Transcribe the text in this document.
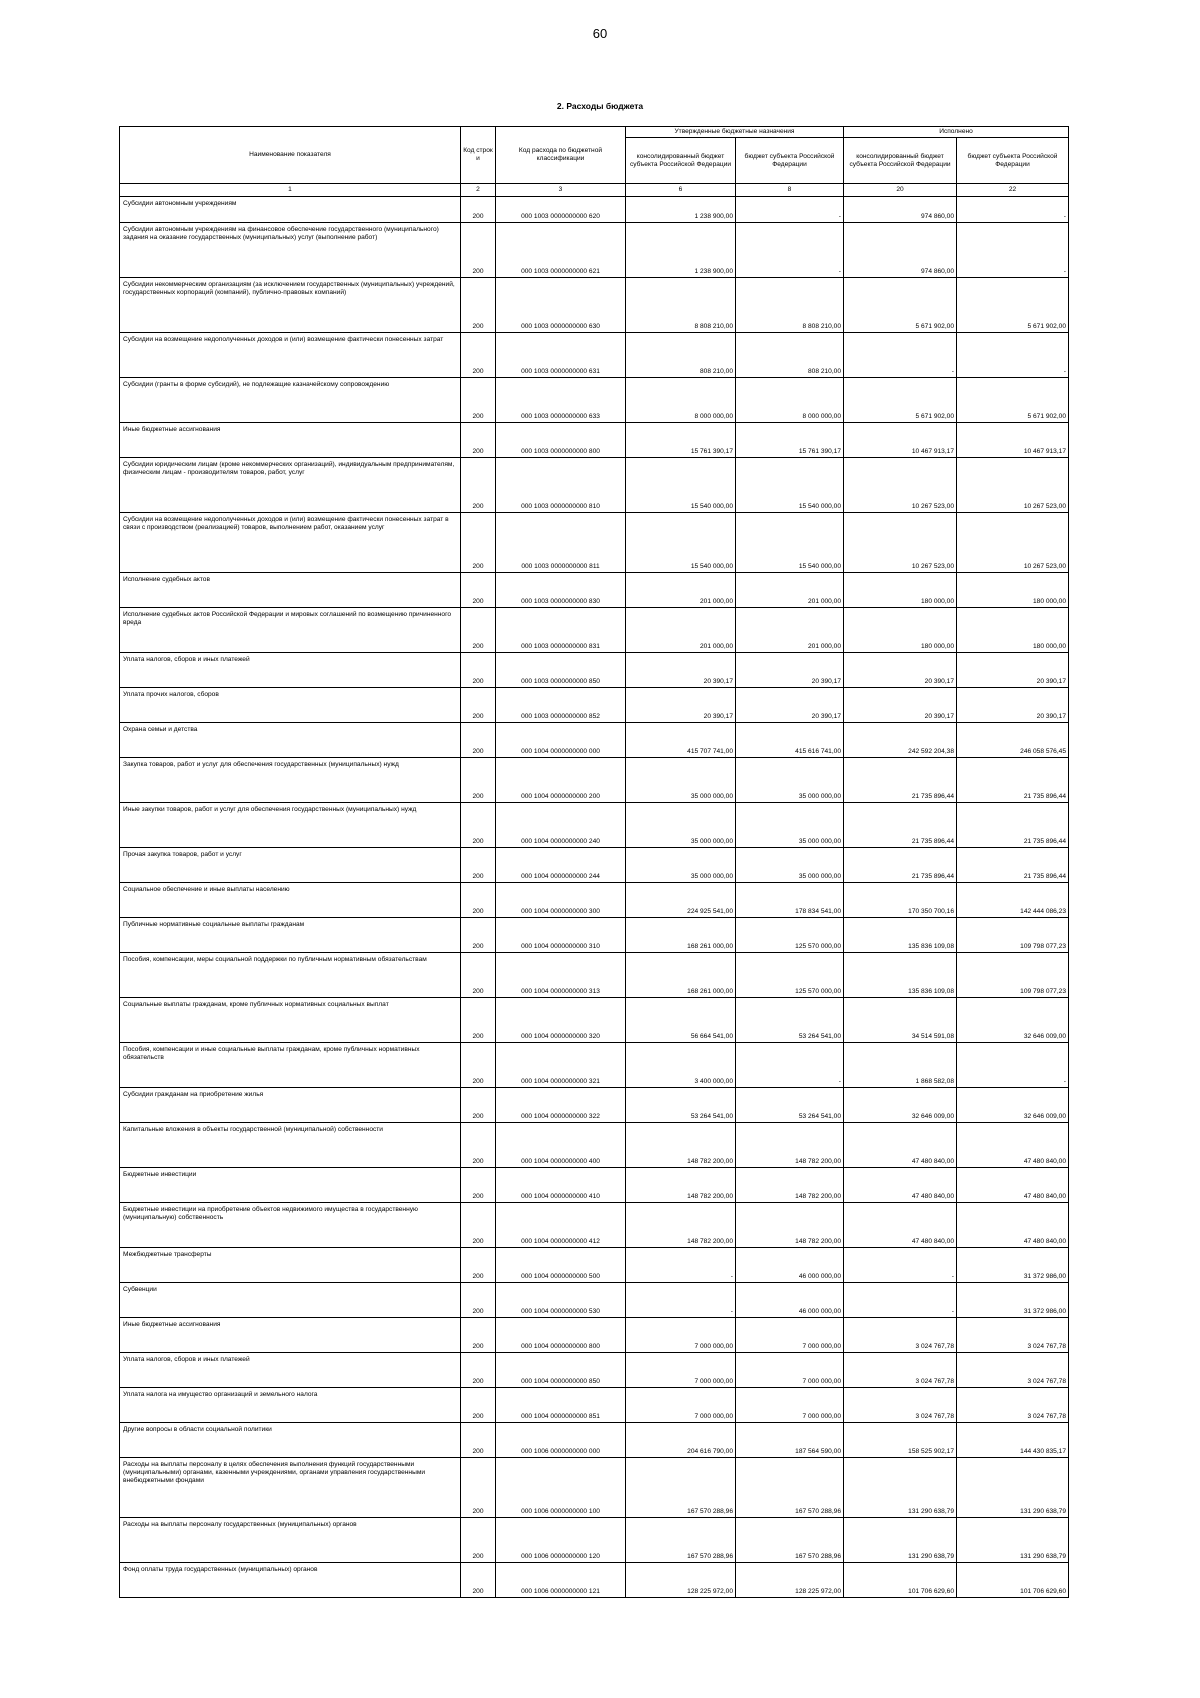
60
2. Расходы бюджета
Наименование показателя	Код строк и	Код расхода по бюджетной классификации	Утвержденные бюджетные назначения		Исполнено	
			консолидированный бюджет субъекта Российской Федерации	бюджет субъекта Российской Федерации	консолидированный бюджет субъекта Российской Федерации	бюджет субъекта Российской Федерации
1	2	3	6	8	20	22
Субсидии автономным учреждениям	200	000 1003 0000000000 620	1 238 900,00	-	974 860,00	-
Субсидии автономным учреждениям на финансовое обеспечение государственного (муниципального) задания на оказание государственных (муниципальных) услуг (выполнение работ)	200	000 1003 0000000000 621	1 238 900,00	-	974 860,00	-
Субсидии некоммерческим организациям (за исключением государственных (муниципальных) учреждений, государственных корпораций (компаний), публично-правовых компаний)	200	000 1003 0000000000 630	8 808 210,00	8 808 210,00	5 671 902,00	5 671 902,00
Субсидии на возмещение недополученных доходов и (или) возмещение фактически понесенных затрат	200	000 1003 0000000000 631	808 210,00	808 210,00	-	-
Субсидии (гранты в форме субсидий), не подлежащие казначейскому сопровождению	200	000 1003 0000000000 633	8 000 000,00	8 000 000,00	5 671 902,00	5 671 902,00
Иные бюджетные ассигнования	200	000 1003 0000000000 800	15 761 390,17	15 761 390,17	10 467 913,17	10 467 913,17
Субсидии юридическим лицам (кроме некоммерческих организаций), индивидуальным предпринимателям, физическим лицам - производителям товаров, работ, услуг	200	000 1003 0000000000 810	15 540 000,00	15 540 000,00	10 267 523,00	10 267 523,00
Субсидии на возмещение недополученных доходов и (или) возмещение фактически понесенных затрат в связи с производством (реализацией) товаров, выполнением работ, оказанием услуг	200	000 1003 0000000000 811	15 540 000,00	15 540 000,00	10 267 523,00	10 267 523,00
Исполнение судебных актов	200	000 1003 0000000000 830	201 000,00	201 000,00	180 000,00	180 000,00
Исполнение судебных актов Российской Федерации и мировых соглашений по возмещению причиненного вреда	200	000 1003 0000000000 831	201 000,00	201 000,00	180 000,00	180 000,00
Уплата налогов, сборов и иных платежей	200	000 1003 0000000000 850	20 390,17	20 390,17	20 390,17	20 390,17
Уплата прочих налогов, сборов	200	000 1003 0000000000 852	20 390,17	20 390,17	20 390,17	20 390,17
Охрана семьи и детства	200	000 1004 0000000000 000	415 707 741,00	415 616 741,00	242 592 204,38	246 058 576,45
Закупка товаров, работ и услуг для обеспечения государственных (муниципальных) нужд	200	000 1004 0000000000 200	35 000 000,00	35 000 000,00	21 735 896,44	21 735 896,44
Иные закупки товаров, работ и услуг для обеспечения государственных (муниципальных) нужд	200	000 1004 0000000000 240	35 000 000,00	35 000 000,00	21 735 896,44	21 735 896,44
Прочая закупка товаров, работ и услуг	200	000 1004 0000000000 244	35 000 000,00	35 000 000,00	21 735 896,44	21 735 896,44
Социальное обеспечение и иные выплаты населению	200	000 1004 0000000000 300	224 925 541,00	178 834 541,00	170 350 700,16	142 444 086,23
Публичные нормативные социальные выплаты гражданам	200	000 1004 0000000000 310	168 261 000,00	125 570 000,00	135 836 109,08	109 798 077,23
Пособия, компенсации, меры социальной поддержки по публичным нормативным обязательствам	200	000 1004 0000000000 313	168 261 000,00	125 570 000,00	135 836 109,08	109 798 077,23
Социальные выплаты гражданам, кроме публичных нормативных социальных выплат	200	000 1004 0000000000 320	56 664 541,00	53 264 541,00	34 514 591,08	32 646 009,00
Пособия, компенсации и иные социальные выплаты гражданам, кроме публичных нормативных обязательств	200	000 1004 0000000000 321	3 400 000,00	-	1 868 582,08	-
Субсидии гражданам на приобретение жилья	200	000 1004 0000000000 322	53 264 541,00	53 264 541,00	32 646 009,00	32 646 009,00
Капитальные вложения в объекты государственной (муниципальной) собственности	200	000 1004 0000000000 400	148 782 200,00	148 782 200,00	47 480 840,00	47 480 840,00
Бюджетные инвестиции	200	000 1004 0000000000 410	148 782 200,00	148 782 200,00	47 480 840,00	47 480 840,00
Бюджетные инвестиции на приобретение объектов недвижимого имущества в государственную (муниципальную) собственность	200	000 1004 0000000000 412	148 782 200,00	148 782 200,00	47 480 840,00	47 480 840,00
Межбюджетные трансферты	200	000 1004 0000000000 500	-	46 000 000,00	-	31 372 986,00
Субвенции	200	000 1004 0000000000 530	-	46 000 000,00	-	31 372 986,00
Иные бюджетные ассигнования	200	000 1004 0000000000 800	7 000 000,00	7 000 000,00	3 024 767,78	3 024 767,78
Уплата налогов, сборов и иных платежей	200	000 1004 0000000000 850	7 000 000,00	7 000 000,00	3 024 767,78	3 024 767,78
Уплата налога на имущество организаций и земельного налога	200	000 1004 0000000000 851	7 000 000,00	7 000 000,00	3 024 767,78	3 024 767,78
Другие вопросы в области социальной политики	200	000 1006 0000000000 000	204 616 790,00	187 564 590,00	158 525 902,17	144 430 835,17
Расходы на выплаты персоналу в целях обеспечения выполнения функций государственными (муниципальными) органами, казенными учреждениями, органами управления государственными внебюджетными фондами	200	000 1006 0000000000 100	167 570 288,96	167 570 288,96	131 290 638,79	131 290 638,79
Расходы на выплаты персоналу государственных (муниципальных) органов	200	000 1006 0000000000 120	167 570 288,96	167 570 288,96	131 290 638,79	131 290 638,79
Фонд оплаты труда государственных (муниципальных) органов	200	000 1006 0000000000 121	128 225 972,00	128 225 972,00	101 706 629,60	101 706 629,60
